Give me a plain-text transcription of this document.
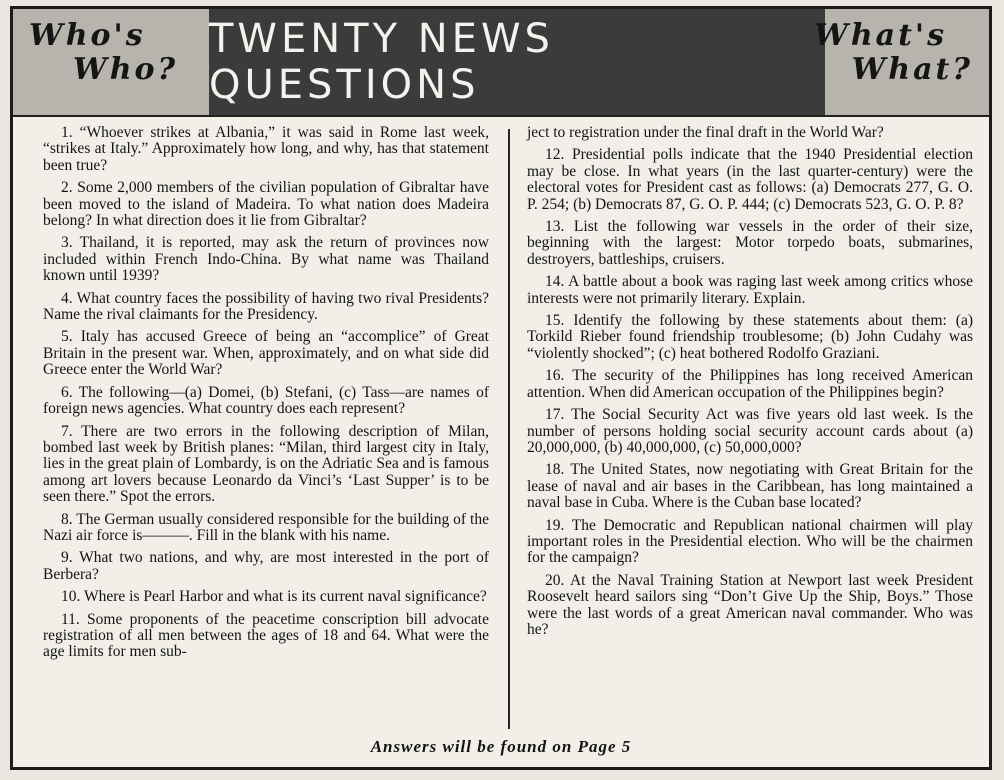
Who's
Who?
TWENTY NEWS QUESTIONS
What's
What?

1. “Whoever strikes at Albania,” it was said in Rome last week, “strikes at Italy.” Approximately how long, and why, has that statement been true?

2. Some 2,000 members of the civilian population of Gibraltar have been moved to the island of Madeira. To what nation does Madeira belong? In what direction does it lie from Gibraltar?

3. Thailand, it is reported, may ask the return of provinces now included within French Indo-China. By what name was Thailand known until 1939?

4. What country faces the possibility of having two rival Presidents? Name the rival claimants for the Presidency.

5. Italy has accused Greece of being an “accomplice” of Great Britain in the present war. When, approximately, and on what side did Greece enter the World War?

6. The following—(a) Domei, (b) Stefani, (c) Tass—are names of foreign news agencies. What country does each represent?

7. There are two errors in the following description of Milan, bombed last week by British planes: “Milan, third largest city in Italy, lies in the great plain of Lombardy, is on the Adriatic Sea and is famous among art lovers because Leonardo da Vinci’s ‘Last Supper’ is to be seen there.” Spot the errors.

8. The German usually considered responsible for the building of the Nazi air force is———. Fill in the blank with his name.

9. What two nations, and why, are most interested in the port of Berbera?

10. Where is Pearl Harbor and what is its current naval significance?

11. Some proponents of the peacetime conscription bill advocate registration of all men between the ages of 18 and 64. What were the age limits for men sub-

ject to registration under the final draft in the World War?

12. Presidential polls indicate that the 1940 Presidential election may be close. In what years (in the last quarter-century) were the electoral votes for President cast as follows: (a) Democrats 277, G. O. P. 254; (b) Democrats 87, G. O. P. 444; (c) Democrats 523, G. O. P. 8?

13. List the following war vessels in the order of their size, beginning with the largest: Motor torpedo boats, submarines, destroyers, battleships, cruisers.

14. A battle about a book was raging last week among critics whose interests were not primarily literary. Explain.

15. Identify the following by these statements about them: (a) Torkild Rieber found friendship troublesome; (b) John Cudahy was “violently shocked”; (c) heat bothered Rodolfo Graziani.

16. The security of the Philippines has long received American attention. When did American occupation of the Philippines begin?

17. The Social Security Act was five years old last week. Is the number of persons holding social security account cards about (a) 20,000,000, (b) 40,000,000, (c) 50,000,000?

18. The United States, now negotiating with Great Britain for the lease of naval and air bases in the Caribbean, has long maintained a naval base in Cuba. Where is the Cuban base located?

19. The Democratic and Republican national chairmen will play important roles in the Presidential election. Who will be the chairmen for the campaign?

20. At the Naval Training Station at Newport last week President Roosevelt heard sailors sing “Don’t Give Up the Ship, Boys.” Those were the last words of a great American naval commander. Who was he?

Answers will be found on Page 5
